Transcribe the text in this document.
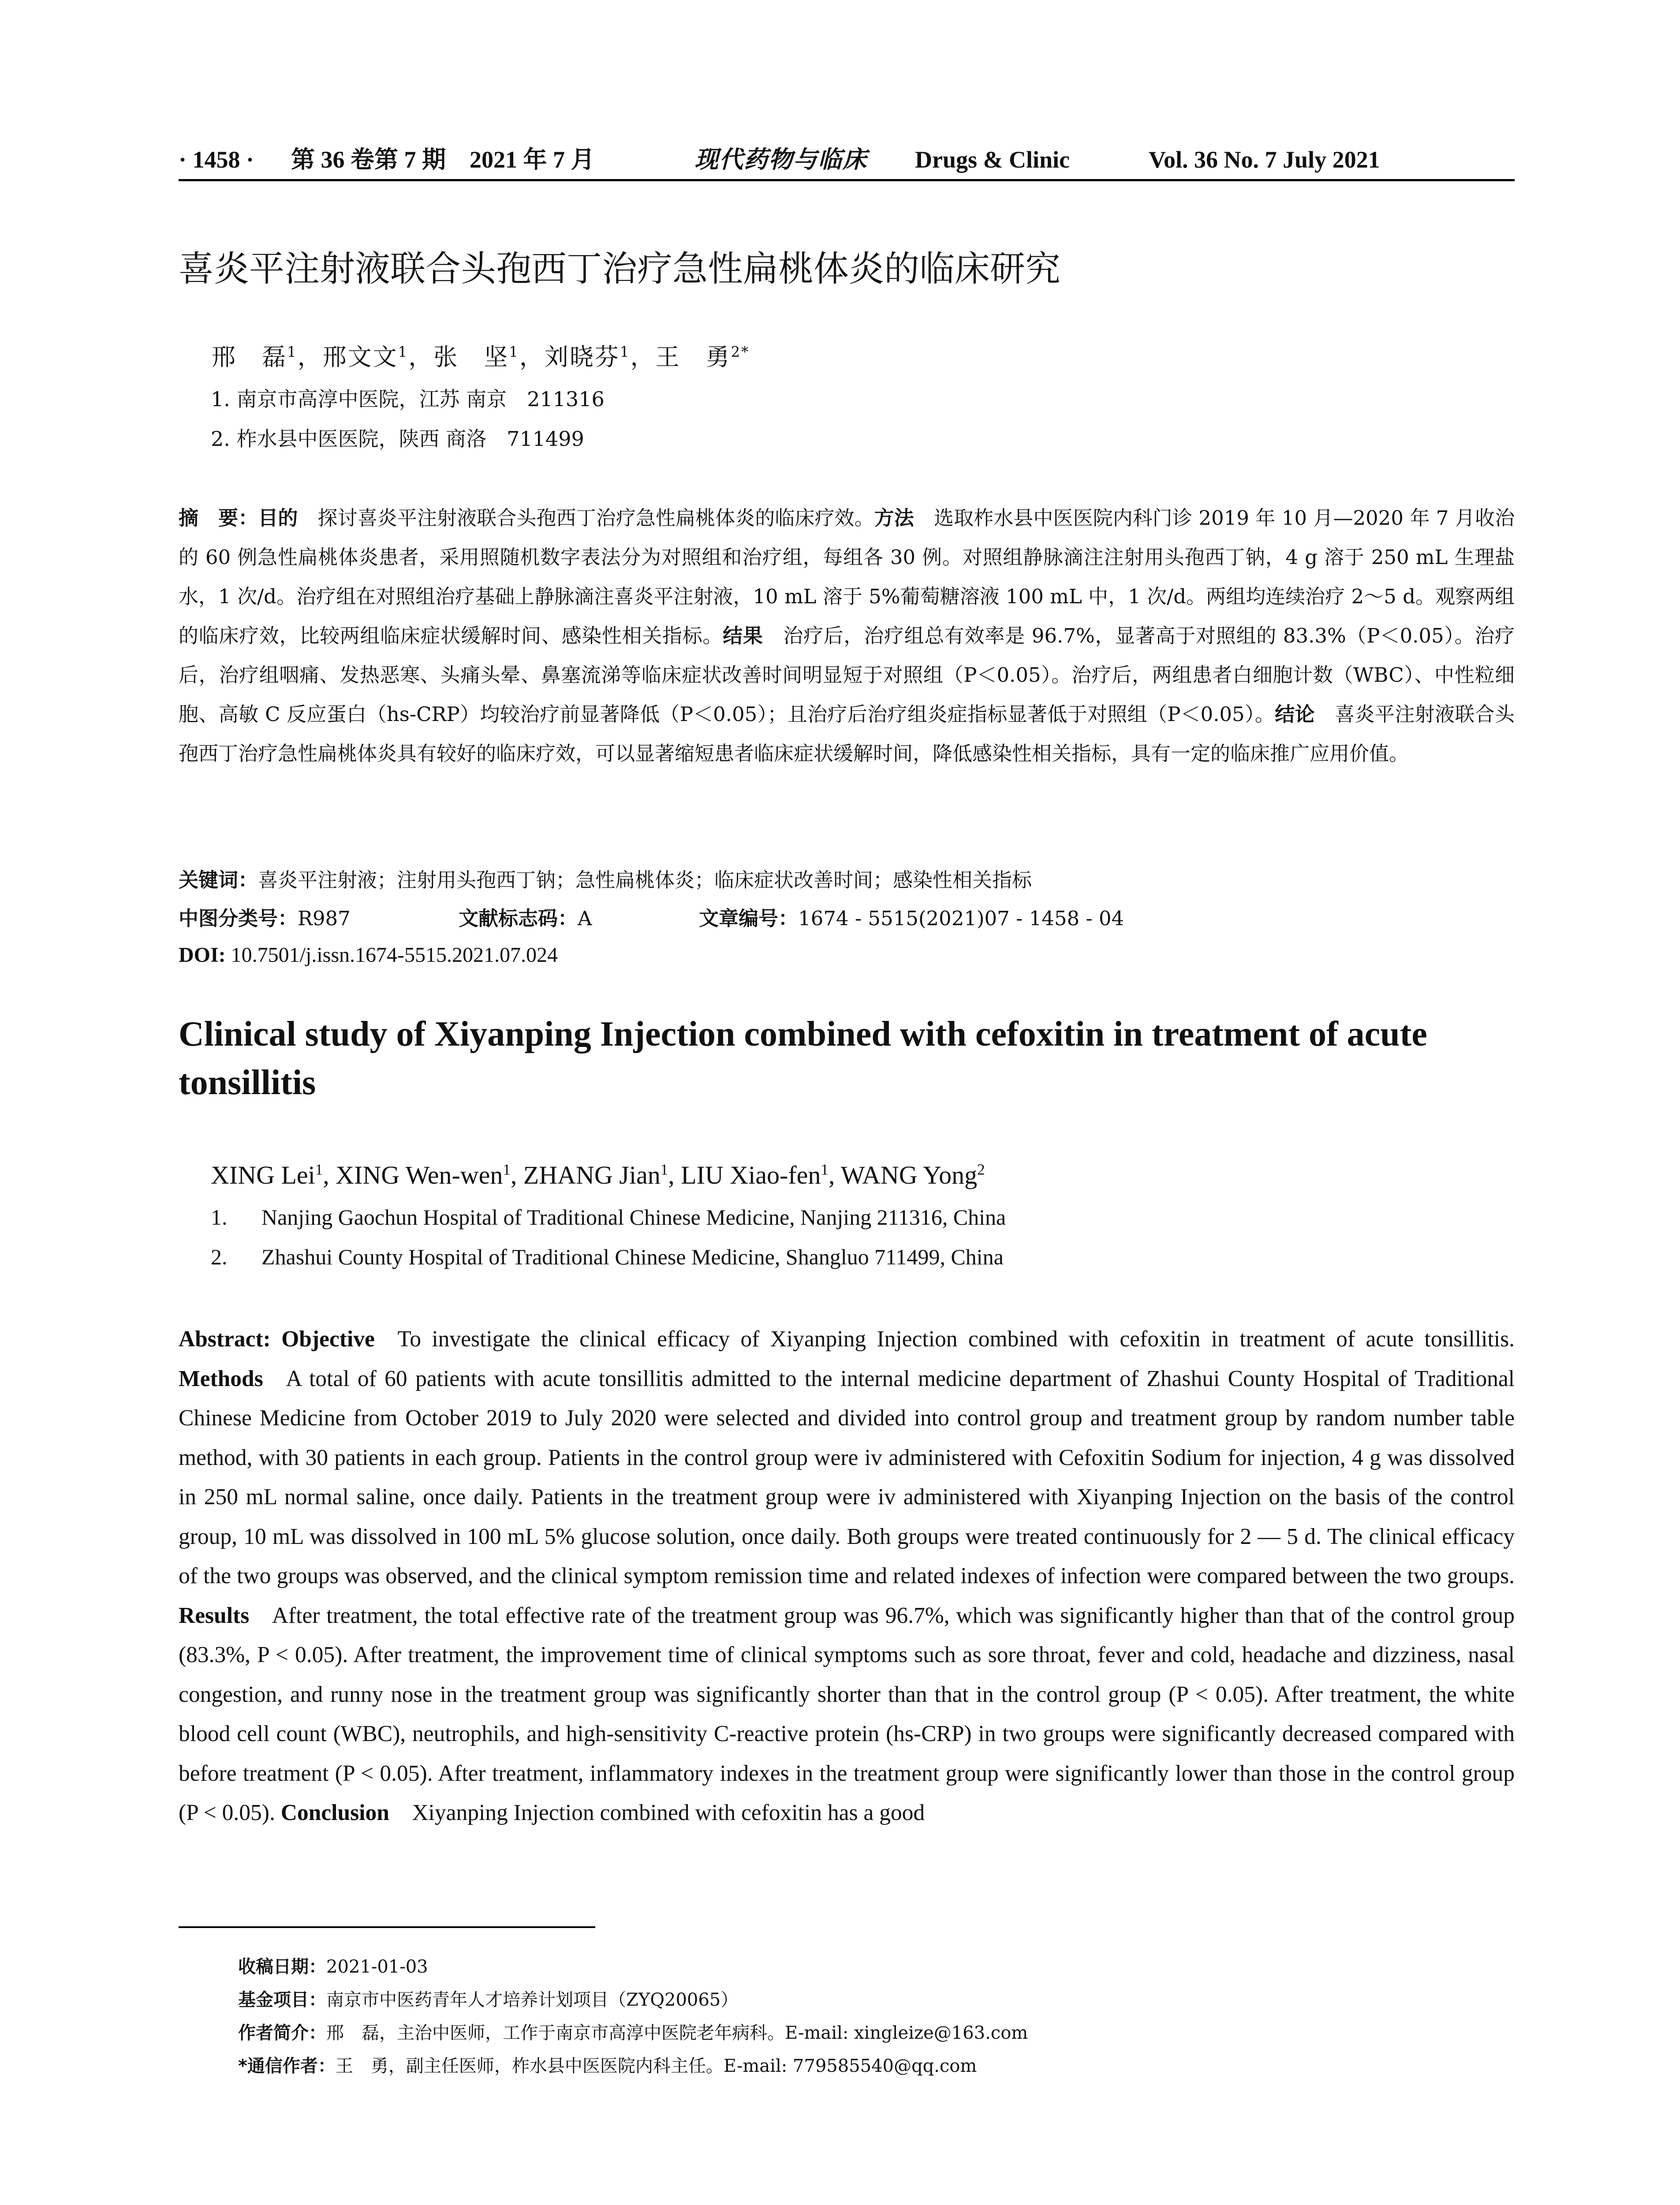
· 1458 · 第 36 卷第 7 期　2021 年 7 月	现代药物与临床 Drugs & Clinic	Vol. 36 No. 7 July 2021
喜炎平注射液联合头孢西丁治疗急性扁桃体炎的临床研究
邢　磊$^1$，邢文文$^1$，张　坚$^1$，刘晓芬$^1$，王　勇$^{2*}$
1. 南京市高淳中医院，江苏 南京　211316
2. 柞水县中医医院，陕西 商洛　711499
摘　要：目的  探讨喜炎平注射液联合头孢西丁治疗急性扁桃体炎的临床疗效。方法  选取柞水县中医医院内科门诊 2019 年 10 月—2020 年 7 月收治的 60 例急性扁桃体炎患者，采用照随机数字表法分为对照组和治疗组，每组各 30 例。对照组静脉滴注注射用头孢西丁钠，4 g 溶于 250 mL 生理盐水，1 次/d。治疗组在对照组治疗基础上静脉滴注喜炎平注射液，10 mL 溶于 5%葡萄糖溶液 100 mL 中，1 次/d。两组均连续治疗 2～5 d。观察两组的临床疗效，比较两组临床症状缓解时间、感染性相关指标。结果  治疗后，治疗组总有效率是 96.7%，显著高于对照组的 83.3%（P＜0.05）。治疗后，治疗组咽痛、发热恶寒、头痛头晕、鼻塞流涕等临床症状改善时间明显短于对照组（P＜0.05）。治疗后，两组患者白细胞计数（WBC）、中性粒细胞、高敏 C 反应蛋白（hs-CRP）均较治疗前显著降低（P＜0.05）；且治疗后治疗组炎症指标显著低于对照组（P＜0.05）。结论  喜炎平注射液联合头孢西丁治疗急性扁桃体炎具有较好的临床疗效，可以显著缩短患者临床症状缓解时间，降低感染性相关指标，具有一定的临床推广应用价值。
关键词：喜炎平注射液；注射用头孢西丁钠；急性扁桃体炎；临床症状改善时间；感染性相关指标
中图分类号：R987	文献标志码：A	文章编号：1674 - 5515(2021)07 - 1458 - 04
DOI: 10.7501/j.issn.1674-5515.2021.07.024
Clinical study of Xiyanping Injection combined with cefoxitin in treatment of acute tonsillitis
XING Lei$^1$, XING Wen-wen$^1$, ZHANG Jian$^1$, LIU Xiao-fen$^1$, WANG Yong$^2$
1. Nanjing Gaochun Hospital of Traditional Chinese Medicine, Nanjing 211316, China
2. Zhashui County Hospital of Traditional Chinese Medicine, Shangluo 711499, China
Abstract: Objective  To investigate the clinical efficacy of Xiyanping Injection combined with cefoxitin in treatment of acute tonsillitis. Methods  A total of 60 patients with acute tonsillitis admitted to the internal medicine department of Zhashui County Hospital of Traditional Chinese Medicine from October 2019 to July 2020 were selected and divided into control group and treatment group by random number table method, with 30 patients in each group. Patients in the control group were iv administered with Cefoxitin Sodium for injection, 4 g was dissolved in 250 mL normal saline, once daily. Patients in the treatment group were iv administered with Xiyanping Injection on the basis of the control group, 10 mL was dissolved in 100 mL 5% glucose solution, once daily. Both groups were treated continuously for 2 — 5 d. The clinical efficacy of the two groups was observed, and the clinical symptom remission time and related indexes of infection were compared between the two groups. Results  After treatment, the total effective rate of the treatment group was 96.7%, which was significantly higher than that of the control group (83.3%, P < 0.05). After treatment, the improvement time of clinical symptoms such as sore throat, fever and cold, headache and dizziness, nasal congestion, and runny nose in the treatment group was significantly shorter than that in the control group (P < 0.05). After treatment, the white blood cell count (WBC), neutrophils, and high-sensitivity C-reactive protein (hs-CRP) in two groups were significantly decreased compared with before treatment (P < 0.05). After treatment, inflammatory indexes in the treatment group were significantly lower than those in the control group (P < 0.05). Conclusion  Xiyanping Injection combined with cefoxitin has a good
收稿日期：2021-01-03
基金项目：南京市中医药青年人才培养计划项目（ZYQ20065）
作者简介：邢　磊，主治中医师，工作于南京市高淳中医院老年病科。E-mail: xingleize@163.com
*通信作者：王　勇，副主任医师，柞水县中医医院内科主任。E-mail: 779585540@qq.com
